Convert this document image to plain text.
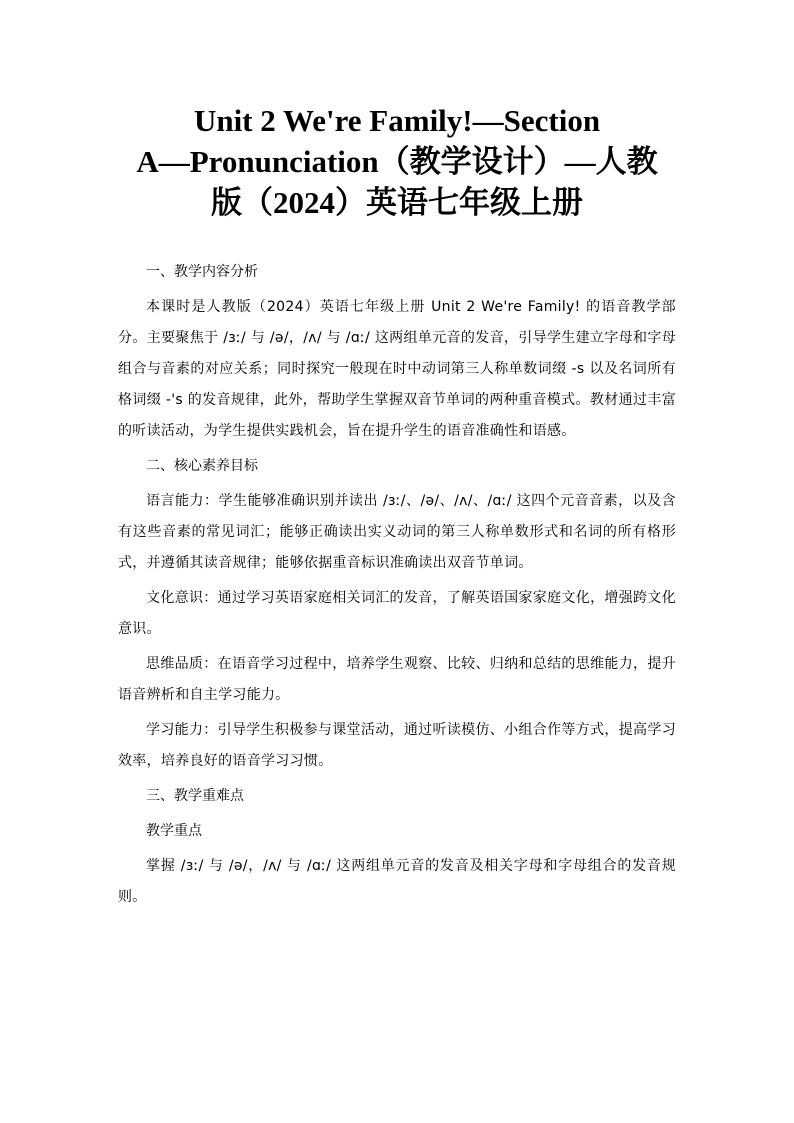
Unit 2 We're Family!—Section
A—Pronunciation（教学设计）—人教
版（2024）英语七年级上册
一、教学内容分析

本课时是人教版（2024）英语七年级上册 Unit 2 We're Family! 的语音教学部分。主要聚焦于 /ɜː/ 与 /ə/，/ʌ/ 与 /ɑː/ 这两组单元音的发音，引导学生建立字母和字母组合与音素的对应关系；同时探究一般现在时中动词第三人称单数词缀 -s 以及名词所有格词缀 -'s 的发音规律，此外，帮助学生掌握双音节单词的两种重音模式。教材通过丰富的听读活动，为学生提供实践机会，旨在提升学生的语音准确性和语感。

二、核心素养目标

语言能力：学生能够准确识别并读出 /ɜː/、/ə/、/ʌ/、/ɑː/ 这四个元音音素，以及含有这些音素的常见词汇；能够正确读出实义动词的第三人称单数形式和名词的所有格形式，并遵循其读音规律；能够依据重音标识准确读出双音节单词。

文化意识：通过学习英语家庭相关词汇的发音，了解英语国家家庭文化，增强跨文化意识。

思维品质：在语音学习过程中，培养学生观察、比较、归纳和总结的思维能力，提升语音辨析和自主学习能力。

学习能力：引导学生积极参与课堂活动，通过听读模仿、小组合作等方式，提高学习效率，培养良好的语音学习习惯。

三、教学重难点
教学重点

掌握 /ɜː/ 与 /ə/，/ʌ/ 与 /ɑː/ 这两组单元音的发音及相关字母和字母组合的发音规则。
